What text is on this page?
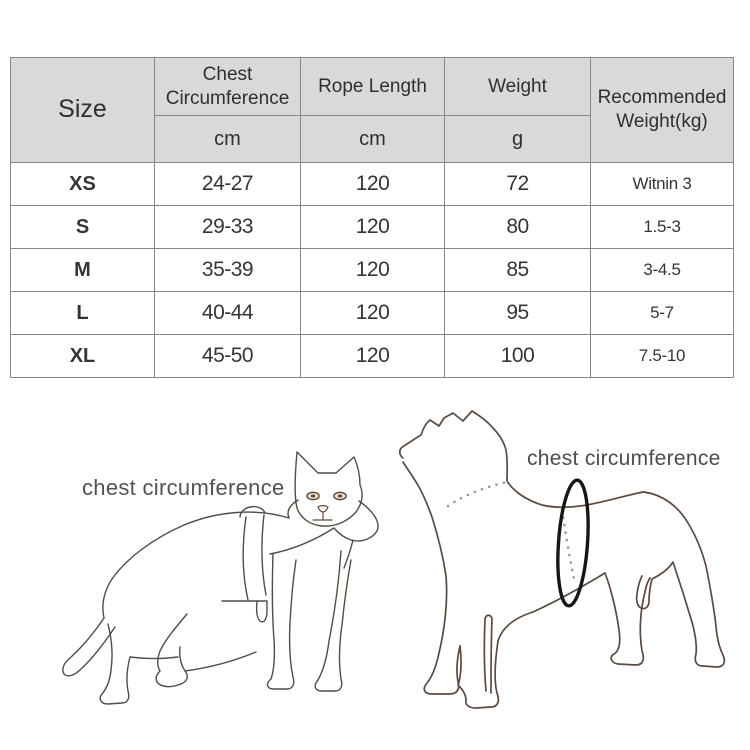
Size	Chest Circumference	Rope Length	Weight	Recommended Weight(kg)
	cm	cm	g	
XS	24-27	120	72	Witnin 3
S	29-33	120	80	1.5-3
M	35-39	120	85	3-4.5
L	40-44	120	95	5-7
XL	45-50	120	100	7.5-10
chest circumference
chest circumference
